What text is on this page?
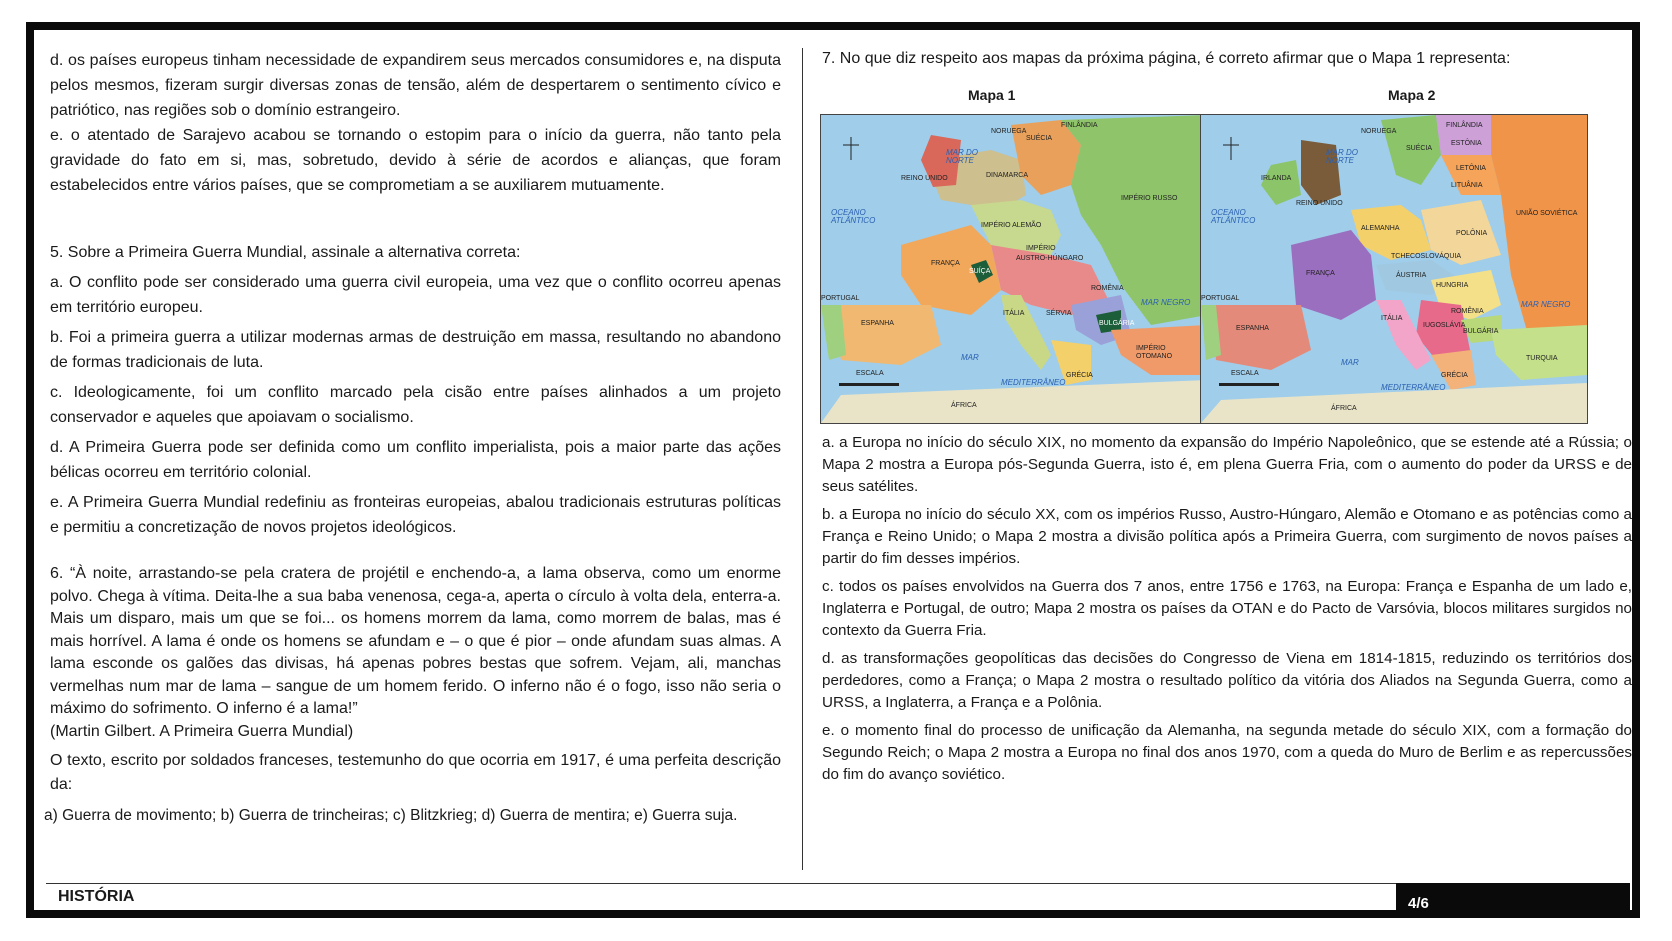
d. os países europeus tinham necessidade de expandirem seus mercados consumidores e, na disputa pelos mesmos, fizeram surgir diversas zonas de tensão, além de despertarem o sentimento cívico e patriótico, nas regiões sob o domínio estrangeiro.

e. o atentado de Sarajevo acabou se tornando o estopim para o início da guerra, não tanto pela gravidade do fato em si, mas, sobretudo, devido à série de acordos e alianças, que foram estabelecidos entre vários países, que se comprometiam a se auxiliarem mutuamente.

5. Sobre a Primeira Guerra Mundial, assinale a alternativa correta:

a. O conflito pode ser considerado uma guerra civil europeia, uma vez que o conflito ocorreu apenas em território europeu.

b. Foi a primeira guerra a utilizar modernas armas de destruição em massa, resultando no abandono de formas tradicionais de luta.

c. Ideologicamente, foi um conflito marcado pela cisão entre países alinhados a um projeto conservador e aqueles que apoiavam o socialismo.

d. A Primeira Guerra pode ser definida como um conflito imperialista, pois a maior parte das ações bélicas ocorreu em território colonial.

e. A Primeira Guerra Mundial redefiniu as fronteiras europeias, abalou tradicionais estruturas políticas e permitiu a concretização de novos projetos ideológicos.

6. “À noite, arrastando-se pela cratera de projétil e enchendo-a, a lama observa, como um enorme polvo. Chega à vítima. Deita-lhe a sua baba venenosa, cega-a, aperta o círculo à volta dela, enterra-a. Mais um disparo, mais um que se foi... os homens morrem da lama, como morrem de balas, mas é mais horrível. A lama é onde os homens se afundam e – o que é pior – onde afundam suas almas. A lama esconde os galões das divisas, há apenas pobres bestas que sofrem. Vejam, ali, manchas vermelhas num mar de lama – sangue de um homem ferido. O inferno não é o fogo, isso não seria o máximo do sofrimento. O inferno é a lama!”

(Martin Gilbert. A Primeira Guerra Mundial)

O texto, escrito por soldados franceses, testemunho do que ocorria em 1917, é uma perfeita descrição da:

a) Guerra de movimento; b) Guerra de trincheiras; c) Blitzkrieg; d) Guerra de mentira; e) Guerra suja.

7. No que diz respeito aos mapas da próxima página, é correto afirmar que o Mapa 1 representa:

Mapa 1	Mapa 2
OCEANO
ATLÂNTICO
MAR DO
NORTE
REINO UNIDO
FRANÇA
ESPANHA
PORTUGAL
IMPÉRIO ALEMÃO
IMPÉRIO RUSSO
IMPÉRIO
AUSTRO-HÚNGARO
SUÍÇA
ITÁLIA
BULGÁRIA
ROMÊNIA
SÉRVIA
IMPÉRIO
OTOMANO
MAR NEGRO
MAR
MEDITERRÂNEO
ÁFRICA
NORUEGA
SUÉCIA
FINLÂNDIA
DINAMARCA
GRÉCIA
ESCALA
OCEANO
ATLÂNTICO
MAR DO
NORTE
IRLANDA
REINO UNIDO
FRANÇA
ESPANHA
PORTUGAL
ALEMANHA
POLÔNIA
UNIÃO SOVIÉTICA
TCHECOSLOVÁQUIA
ÁUSTRIA
HUNGRIA
ROMÊNIA
IUGOSLÁVIA
BULGÁRIA
ITÁLIA
TURQUIA
GRÉCIA
MAR NEGRO
MAR
MEDITERRÂNEO
ÁFRICA
NORUEGA
SUÉCIA
FINLÂNDIA
ESTÔNIA
LETÔNIA
LITUÂNIA
ESCALA

a. a Europa no início do século XIX, no momento da expansão do Império Napoleônico, que se estende até a Rússia; o Mapa 2 mostra a Europa pós-Segunda Guerra, isto é, em plena Guerra Fria, com o aumento do poder da URSS e de seus satélites.

b. a Europa no início do século XX, com os impérios Russo, Austro-Húngaro, Alemão e Otomano e as potências como a França e Reino Unido; o Mapa 2 mostra a divisão política após a Primeira Guerra, com surgimento de novos países a partir do fim desses impérios.

c. todos os países envolvidos na Guerra dos 7 anos, entre 1756 e 1763, na Europa: França e Espanha de um lado e, Inglaterra e Portugal, de outro; Mapa 2 mostra os países da OTAN e do Pacto de Varsóvia, blocos militares surgidos no contexto da Guerra Fria.

d. as transformações geopolíticas das decisões do Congresso de Viena em 1814-1815, reduzindo os territórios dos perdedores, como a França; o Mapa 2 mostra o resultado político da vitória dos Aliados na Segunda Guerra, como a URSS, a Inglaterra, a França e a Polônia.

e. o momento final do processo de unificação da Alemanha, na segunda metade do século XIX, com a formação do Segundo Reich; o Mapa 2 mostra a Europa no final dos anos 1970, com a queda do Muro de Berlim e as repercussões do fim do avanço soviético.

HISTÓRIA	4/6
